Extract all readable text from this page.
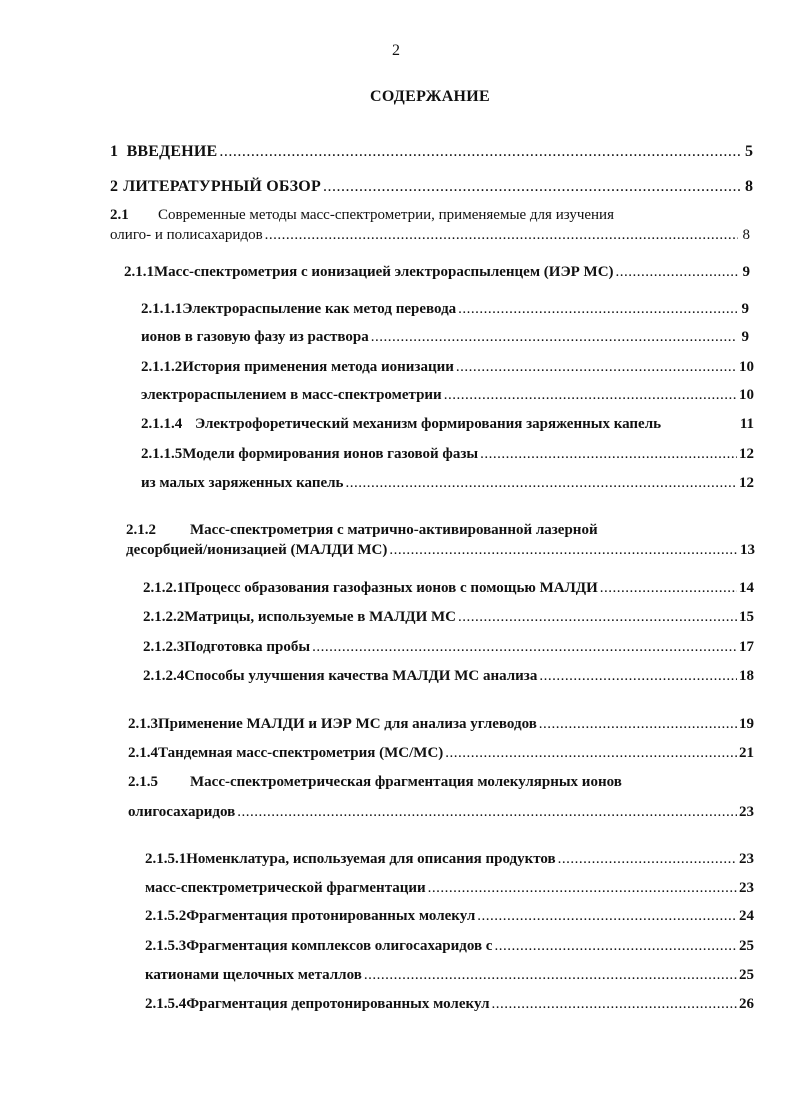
2
СОДЕРЖАНИЕ
1 ВВЕДЕНИЕ .....	5
2 ЛИТЕРАТУРНЫЙ ОБЗОР .....	8
2.1	Современные методы масс-спектрометрии, применяемые для изучения
олиго- и полисахаридов .....	8
2.1.1 Масс-спектрометрия с ионизацией электрораспыленцем (ИЭР МС) .....	9
2.1.1.1 Электрораспыление как метод перевода .....	9
ионов в газовую фазу из раствора .....	9
2.1.1.2 История применения метода ионизации .....	10
электрораспылением в масс-спектрометрии .....	10
2.1.1.4 Электрофоретический механизм формирования заряженных капель	11
2.1.1.5 Модели формирования ионов газовой фазы .....	12
из малых заряженных капель .....	12
2.1.2	Масс-спектрометрия с матрично-активированной лазерной
десорбцией/ионизацией (МАЛДИ МС) .....	13
2.1.2.1 Процесс образования газофазных ионов с помощью МАЛДИ .....	14
2.1.2.2 Матрицы, используемые в МАЛДИ МС .....	15
2.1.2.3 Подготовка пробы .....	17
2.1.2.4 Способы улучшения качества МАЛДИ МС анализа .....	18
2.1.3 Применение МАЛДИ и ИЭР МС для анализа углеводов .....	19
2.1.4 Тандемная масс-спектрометрия (МС/МС) .....	21
2.1.5	Масс-спектрометрическая фрагментация молекулярных ионов
олигосахаридов .....	23
2.1.5.1 Номенклатура, используемая для описания продуктов .....	23
масс-спектрометрической фрагментации .....	23
2.1.5.2 Фрагментация протонированных молекул .....	24
2.1.5.3 Фрагментация комплексов олигосахаридов с .....	25
катионами щелочных металлов .....	25
2.1.5.4 Фрагментация депротонированных молекул .....	26
